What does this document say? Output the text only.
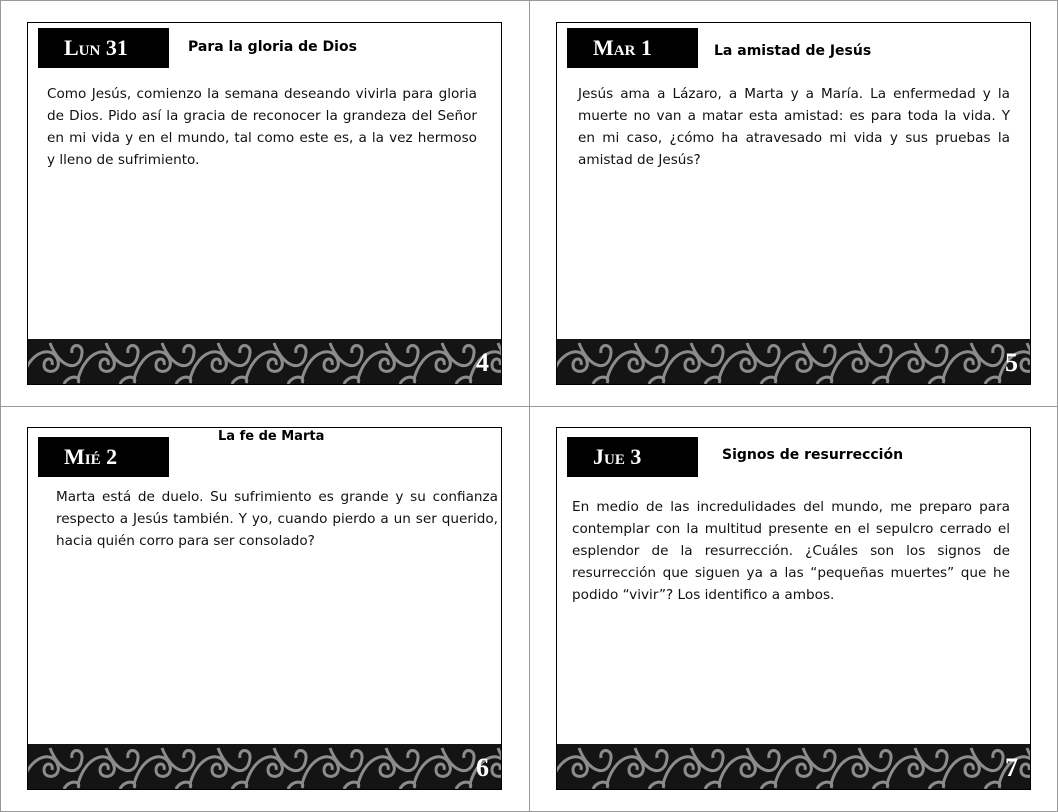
Lun 31	Para la gloria de Dios
Como Jesús, comienzo la semana deseando vivirla para gloria de Dios. Pido así la gracia de reconocer la grandeza del Señor en mi vida y en el mundo, tal como este es, a la vez hermoso y lleno de sufrimiento.
4
Mar 1	La amistad de Jesús
Jesús ama a Lázaro, a Marta y a María. La enfermedad y la muerte no van a matar esta amistad: es para toda la vida. Y en mi caso, ¿cómo ha atravesado mi vida y sus pruebas la amistad de Jesús?
5
La fe de Marta
Mié 2
Marta está de duelo. Su sufrimiento es grande y su confianza respecto a Jesús también. Y yo, cuando pierdo a un ser querido, hacia quién corro para ser consolado?
6
Jue 3	Signos de resurrección
En medio de las incredulidades del mundo, me preparo para contemplar con la multitud presente en el sepulcro cerrado el esplendor de la resurrección. ¿Cuáles son los signos de resurrección que siguen ya a las “pequeñas muertes” que he podido “vivir”? Los identifico a ambos.
7
